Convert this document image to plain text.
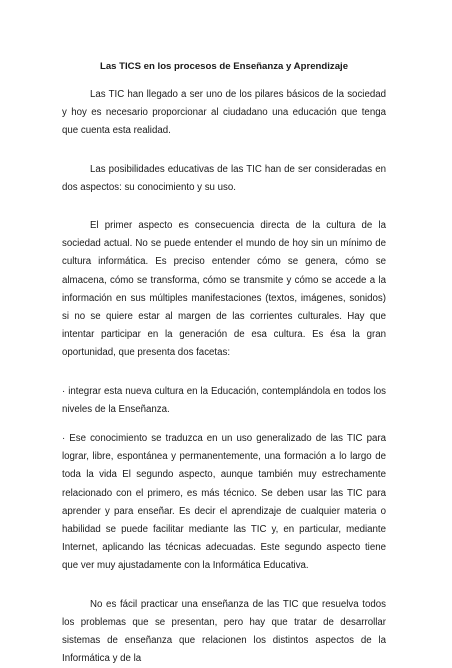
Las TICS en los procesos de Enseñanza y Aprendizaje

Las TIC han llegado a ser uno de los pilares básicos de la sociedad y hoy es necesario proporcionar al ciudadano una educación que tenga que cuenta esta realidad.

Las posibilidades educativas de las TIC han de ser consideradas en dos aspectos: su conocimiento y su uso.

El primer aspecto es consecuencia directa de la cultura de la sociedad actual. No se puede entender el mundo de hoy sin un mínimo de cultura informática. Es preciso entender cómo se genera, cómo se almacena, cómo se transforma, cómo se transmite y cómo se accede a la información en sus múltiples manifestaciones (textos, imágenes, sonidos) si no se quiere estar al margen de las corrientes culturales. Hay que intentar participar en la generación de esa cultura. Es ésa la gran oportunidad, que presenta dos facetas:

· integrar esta nueva cultura en la Educación, contemplándola en todos los niveles de la Enseñanza.

· Ese conocimiento se traduzca en un uso generalizado de las TIC para lograr, libre, espontánea y permanentemente, una formación a lo largo de toda la vida El segundo aspecto, aunque también muy estrechamente relacionado con el primero, es más técnico. Se deben usar las TIC para aprender y para enseñar. Es decir el aprendizaje de cualquier materia o habilidad se puede facilitar mediante las TIC y, en particular, mediante Internet, aplicando las técnicas adecuadas. Este segundo aspecto tiene que ver muy ajustadamente con la Informática Educativa.

No es fácil practicar una enseñanza de las TIC que resuelva todos los problemas que se presentan, pero hay que tratar de desarrollar sistemas de enseñanza que relacionen los distintos aspectos de la Informática y de la
